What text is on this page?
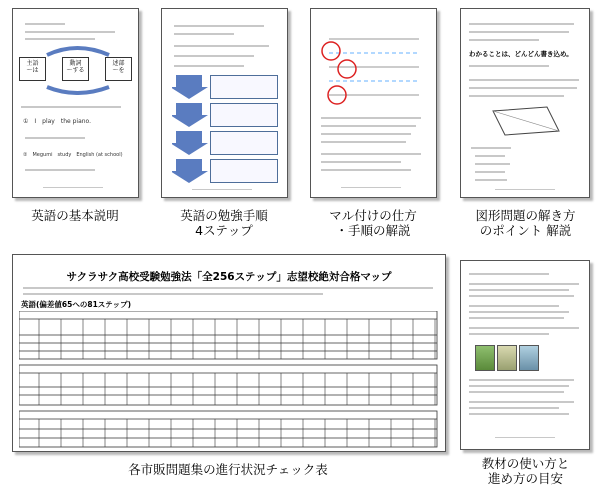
主語
〜は
動詞
〜する
述部
〜を
①　I　play　the piano.
②　Megumi　study　English (at school)
英語の基本説明	英語の勉強手順
4ステップ
マル付けの仕方
・手順の解説
わかることは、どんどん書き込め。
図形問題の解き方
のポイント 解説
サクラサク高校受験勉強法「全256ステップ」志望校絶対合格マップ
英語(偏差値65への81ステップ)
各市販問題集の進行状況チェック表	教材の使い方と
進め方の目安
